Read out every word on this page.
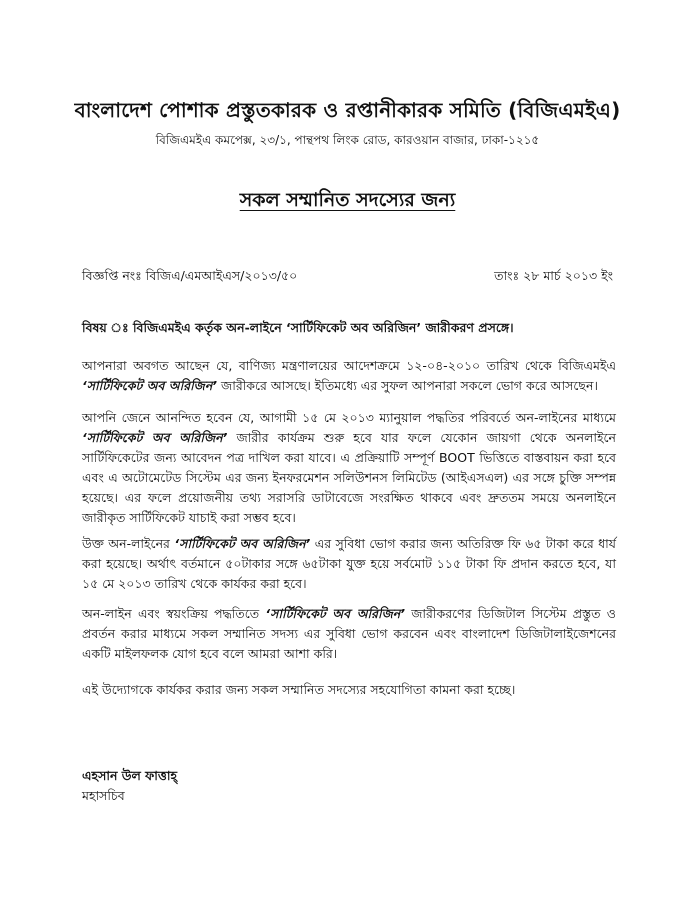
বাংলাদেশ পোশাক প্রস্তুতকারক ও রপ্তানীকারক সমিতি (বিজিএমইএ)
বিজিএমইএ কমপেক্স, ২৩/১, পান্থপথ লিংক রোড, কারওয়ান বাজার, ঢাকা-১২১৫
সকল সম্মানিত সদস্যের জন্য
বিজ্ঞপ্তি নংঃ বিজিএ/এমআইএস/২০১৩/৫০	তাংঃ ২৮ মার্চ ২০১৩ ইং
বিষয় ঃ বিজিএমইএ কর্তৃক অন-লাইনে ‘সার্টিফিকেট অব অরিজিন’ জারীকরণ প্রসঙ্গে।
আপনারা অবগত আছেন যে, বাণিজ্য মন্ত্রণালয়ের আদেশক্রমে ১২-০৪-২০১০ তারিখ থেকে বিজিএমইএ ‘সার্টিফিকেট অব অরিজিন’ জারীকরে আসছে। ইতিমধ্যে এর সুফল আপনারা সকলে ভোগ করে আসছেন।
আপনি জেনে আনন্দিত হবেন যে, আগামী ১৫ মে ২০১৩ ম্যানুয়াল পদ্ধতির পরিবর্তে অন-লাইনের মাধ্যমে ‘সার্টিফিকেট অব অরিজিন’ জারীর কার্যক্রম শুরু হবে যার ফলে যেকোন জায়গা থেকে অনলাইনে সার্টিফিকেটের জন্য আবেদন পত্র দাখিল করা যাবে। এ প্রক্রিয়াটি সম্পূর্ণ BOOT ভিত্তিতে বাস্তবায়ন করা হবে এবং এ অটোমেটেড সিস্টেম এর জন্য ইনফরমেশন সলিউশনস লিমিটেড (আইএসএল) এর সঙ্গে চুক্তি সম্পন্ন হয়েছে। এর ফলে প্রয়োজনীয় তথ্য সরাসরি ডাটাবেজে সংরক্ষিত থাকবে এবং দ্রুততম সময়ে অনলাইনে জারীকৃত সার্টিফিকেট যাচাই করা সম্ভব হবে।
উক্ত অন-লাইনের ‘সার্টিফিকেট অব অরিজিন’ এর সুবিধা ভোগ করার জন্য অতিরিক্ত ফি ৬৫ টাকা করে ধার্য করা হয়েছে। অর্থাৎ বর্তমানে ৫০টাকার সঙ্গে ৬৫টাকা যুক্ত হয়ে সর্বমোট ১১৫ টাকা ফি প্রদান করতে হবে, যা ১৫ মে ২০১৩ তারিখ থেকে কার্যকর করা হবে।
অন-লাইন এবং স্বয়ংক্রিয় পদ্ধতিতে ‘সার্টিফিকেট অব অরিজিন’ জারীকরণের ডিজিটাল সিস্টেম প্রস্তুত ও প্রবর্তন করার মাধ্যমে সকল সম্মানিত সদস্য এর সুবিধা ভোগ করবেন এবং বাংলাদেশ ডিজিটালাইজেশনের একটি মাইলফলক যোগ হবে বলে আমরা আশা করি।
এই উদ্যোগকে কার্যকর করার জন্য সকল সম্মানিত সদস্যের সহযোগিতা কামনা করা হচ্ছে।
এহসান উল ফাত্তাহ্
মহাসচিব
